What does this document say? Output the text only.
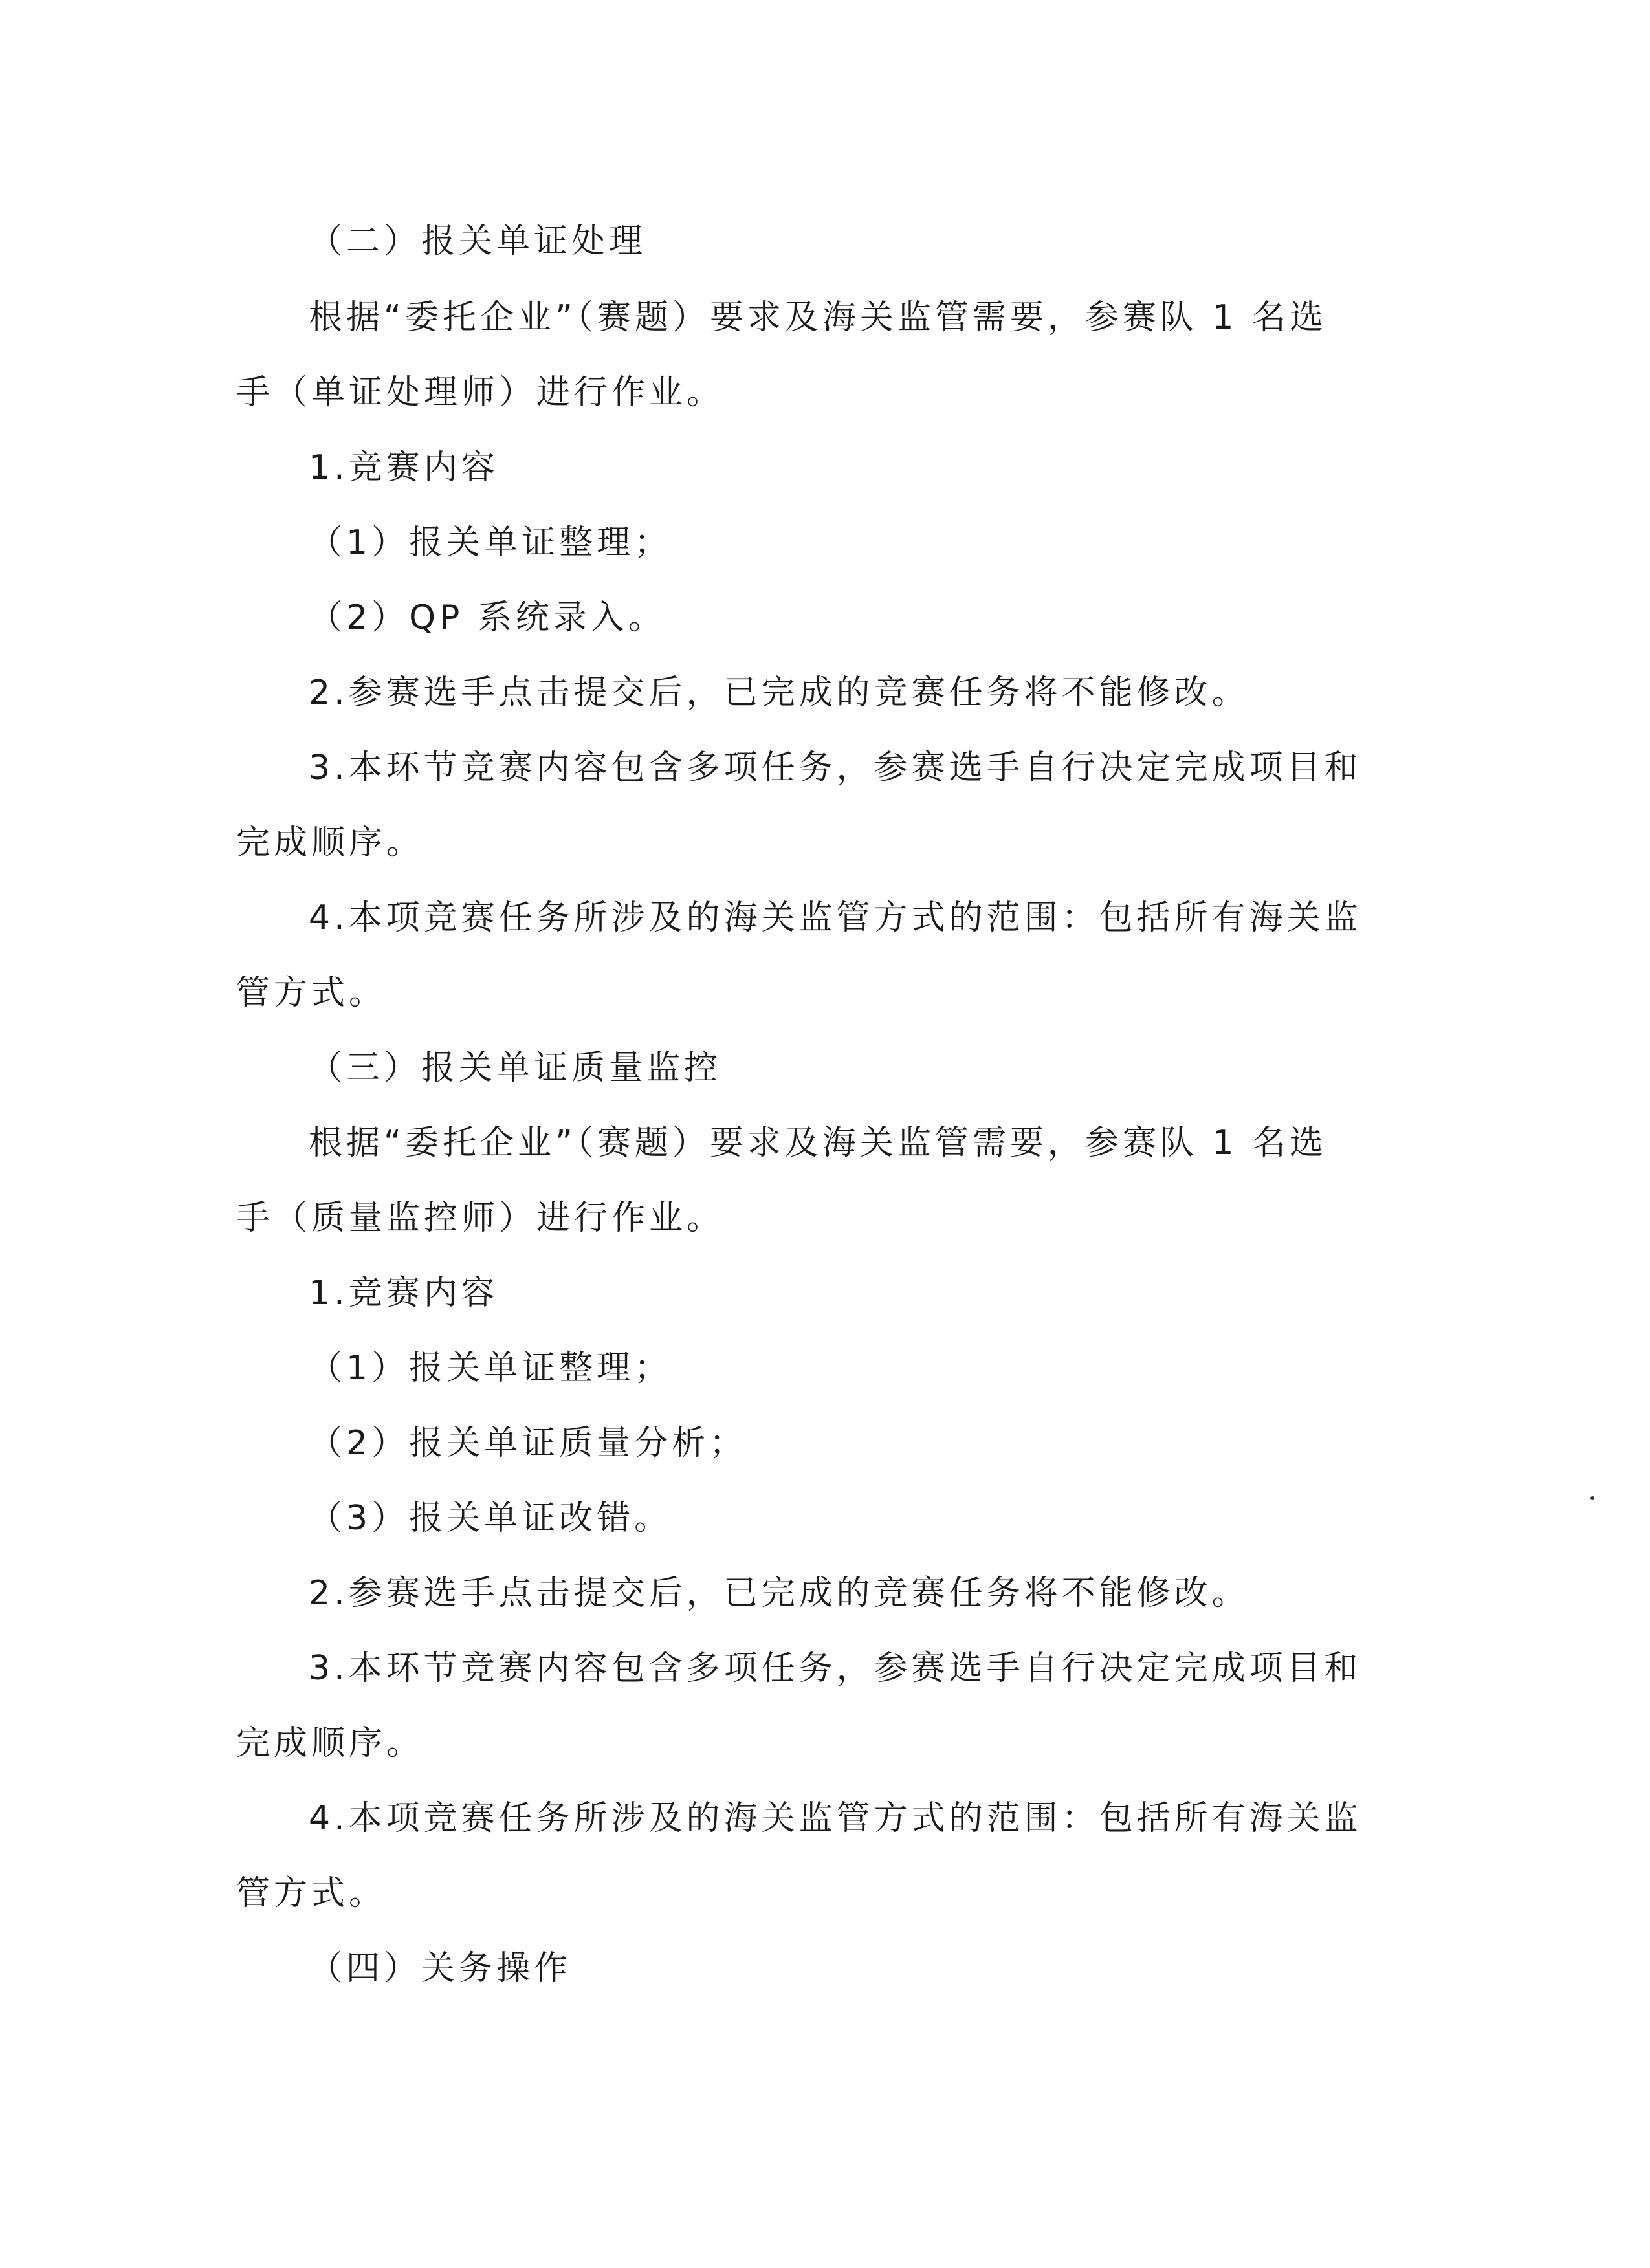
（二）报关单证处理
根据“委托企业”（赛题）要求及海关监管需要，参赛队 1 名选
手（单证处理师）进行作业。
1.竞赛内容
（1）报关单证整理；
（2）QP 系统录入。
2.参赛选手点击提交后，已完成的竞赛任务将不能修改。
3.本环节竞赛内容包含多项任务，参赛选手自行决定完成项目和
完成顺序。
4.本项竞赛任务所涉及的海关监管方式的范围：包括所有海关监
管方式。
（三）报关单证质量监控
根据“委托企业”（赛题）要求及海关监管需要，参赛队 1 名选
手（质量监控师）进行作业。
1.竞赛内容
（1）报关单证整理；
（2）报关单证质量分析；
（3）报关单证改错。
2.参赛选手点击提交后，已完成的竞赛任务将不能修改。
3.本环节竞赛内容包含多项任务，参赛选手自行决定完成项目和
完成顺序。
4.本项竞赛任务所涉及的海关监管方式的范围：包括所有海关监
管方式。
（四）关务操作
